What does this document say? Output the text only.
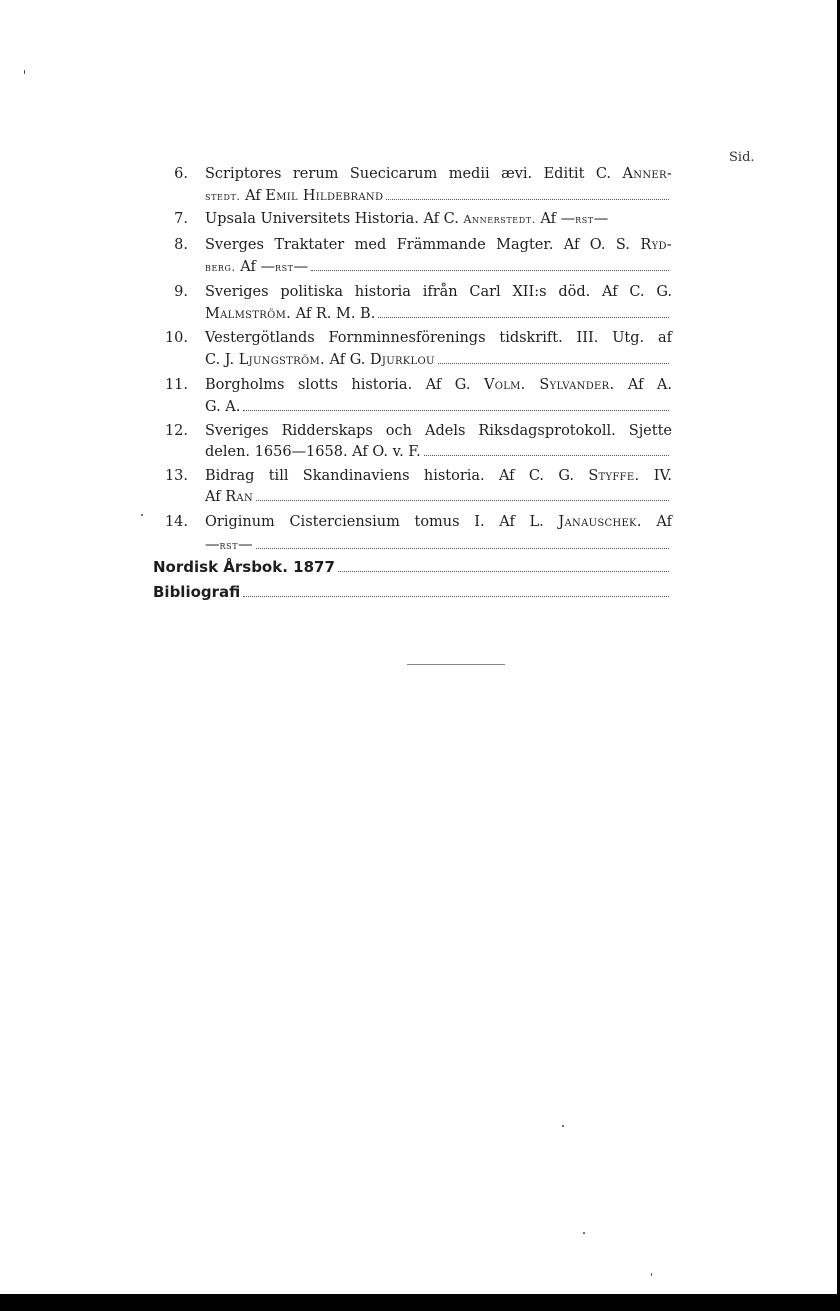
Sid.
6. Scriptores rerum Suecicarum medii ævi. Editit C. Anner-
stedt.
Af
Emil Hildebrand
7. Upsala Universitets Historia. Af C. Annerstedt. Af —rst—
8. Sverges Traktater med Främmande Magter. Af O. S. Ryd-
berg.
Af — rst —
9. Sveriges politiska historia ifrån Carl XII:s död. Af C. G.
Malmström.
Af R. M. B.
10. Vestergötlands Fornminnesförenings tidskrift. III. Utg. af
C. J.
Ljungström.
Af G.
Djurklou
11. Borgholms slotts historia. Af G. Volm. Sylvander. Af A.
G. A.
12. Sveriges Ridderskaps och Adels Riksdagsprotokoll. Sjette
delen. 1656—1658. Af O. v. F.
13. Bidrag till Skandinaviens historia. Af C. G. Styffe. IV.
Af
Ran
14. Originum Cisterciensium tomus I. Af L. Janauschek. Af
— rst —
Nordisk Årsbok. 1877
Bibliografi
